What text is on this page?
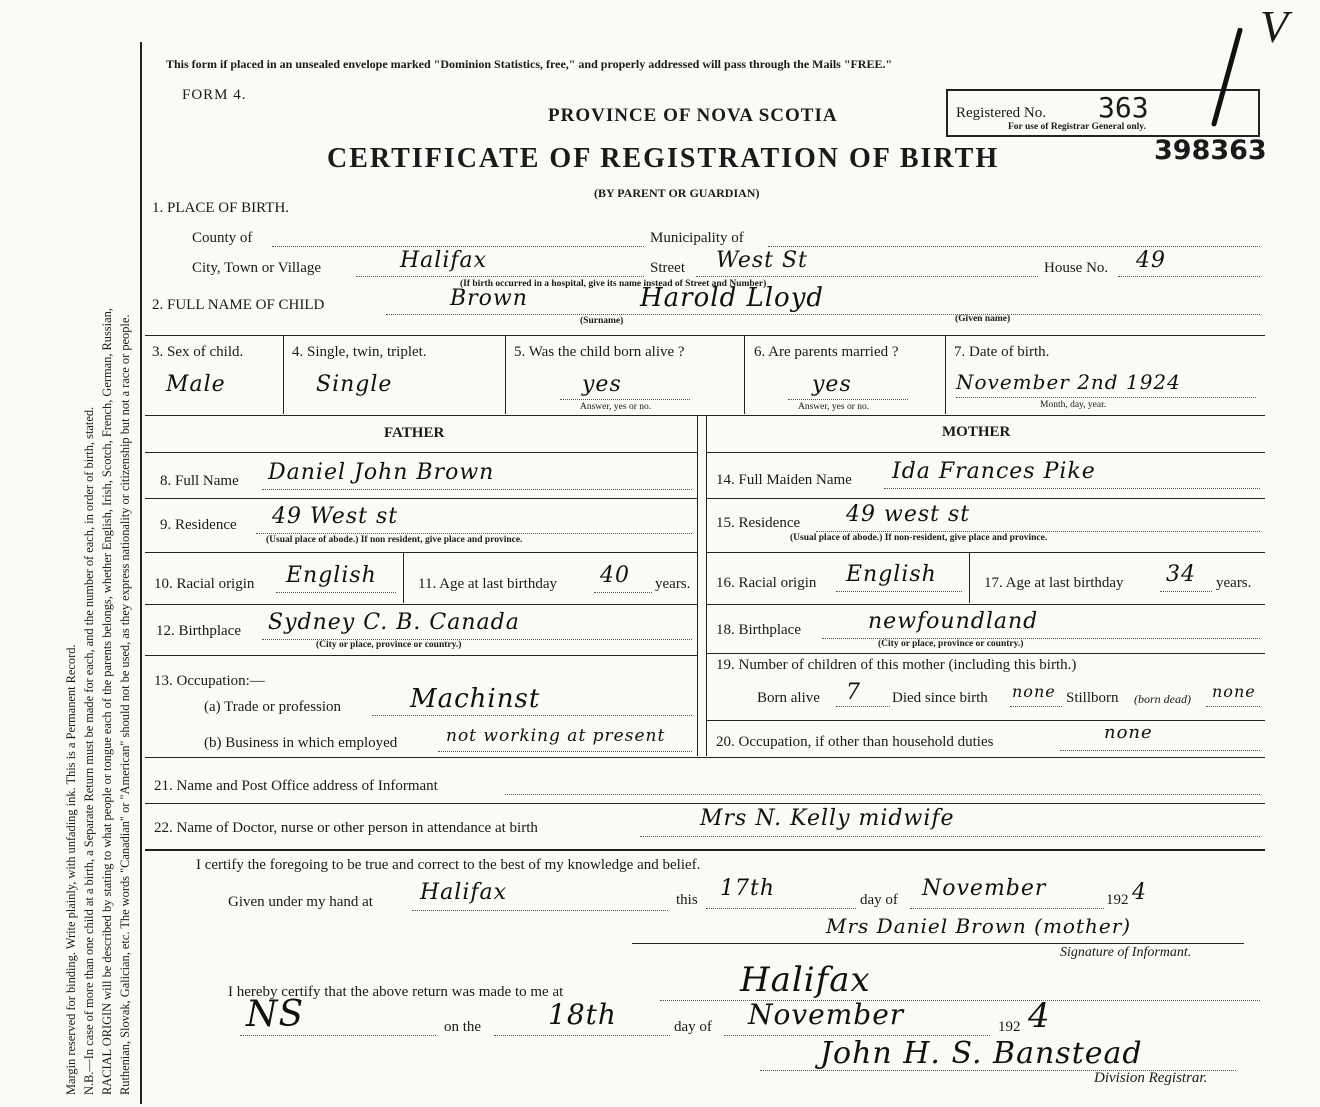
Margin reserved for binding. Write plainly, with unfading ink. This is a Permanent Record. N.B.—In case of more than one child at a birth, a Separate Return must be made for each, and the number of each, in order of birth, stated. RACIAL ORIGIN will be described by stating to what people or tongue each of the parents belongs, whether English, Irish, Scotch, French, German, Russian, Ruthenian, Slovak, Galician, etc. The words "Canadian" or "American" should not be used, as they express nationality or citizenship but not a race or people.
This form if placed in an unsealed envelope marked "Dominion Statistics, free," and properly addressed will pass through the Mails "FREE."
FORM 4.
PROVINCE OF NOVA SCOTIA
CERTIFICATE OF REGISTRATION OF BIRTH
(BY PARENT OR GUARDIAN)
Registered No. 363
For use of Registrar General only.
398363
V
1. PLACE OF BIRTH.
County of	Municipality of
City, Town or Village	Halifax	Street West St	House No. 49
(If birth occurred in a hospital, give its name instead of Street and Number)
2. FULL NAME OF CHILD	Brown	Harold Lloyd
(Surname)	(Given name)
3. Sex of child.
Male
4. Single, twin, triplet.
Single
5. Was the child born alive ?
yes
Answer, yes or no.
6. Are parents married ?
yes
Answer, yes or no.
7. Date of birth.
November 2nd 1924
Month, day, year.
FATHER	MOTHER
8. Full Name Daniel John Brown
9. Residence 49 West st
(Usual place of abode.) If non resident, give place and province.
10. Racial origin English	11. Age at last birthday 40 years.
12. Birthplace Sydney C. B. Canada
(City or place, province or country.)
13. Occupation:—
(a) Trade or profession	Machinst
(b) Business in which employed	not working at present
14. Full Maiden Name Ida Frances Pike
15. Residence 49 west st
(Usual place of abode.) If non-resident, give place and province.
16. Racial origin English	17. Age at last birthday 34 years.
18. Birthplace	newfoundland
(City or place, province or country.)
19. Number of children of this mother (including this birth.)
Born alive 7 Died since birth none Stillborn (born dead) none
20. Occupation, if other than household duties	none
21. Name and Post Office address of Informant
22. Name of Doctor, nurse or other person in attendance at birth	Mrs N. Kelly midwife
I certify the foregoing to be true and correct to the best of my knowledge and belief.
Given under my hand at Halifax	this 17th	day of November	192 4
Mrs Daniel Brown (mother)
Signature of Informant.
I hereby certify that the above return was made to me at	Halifax
NS	on the 18th	day of November	192 4
John H. S. Banstead
Division Registrar.
